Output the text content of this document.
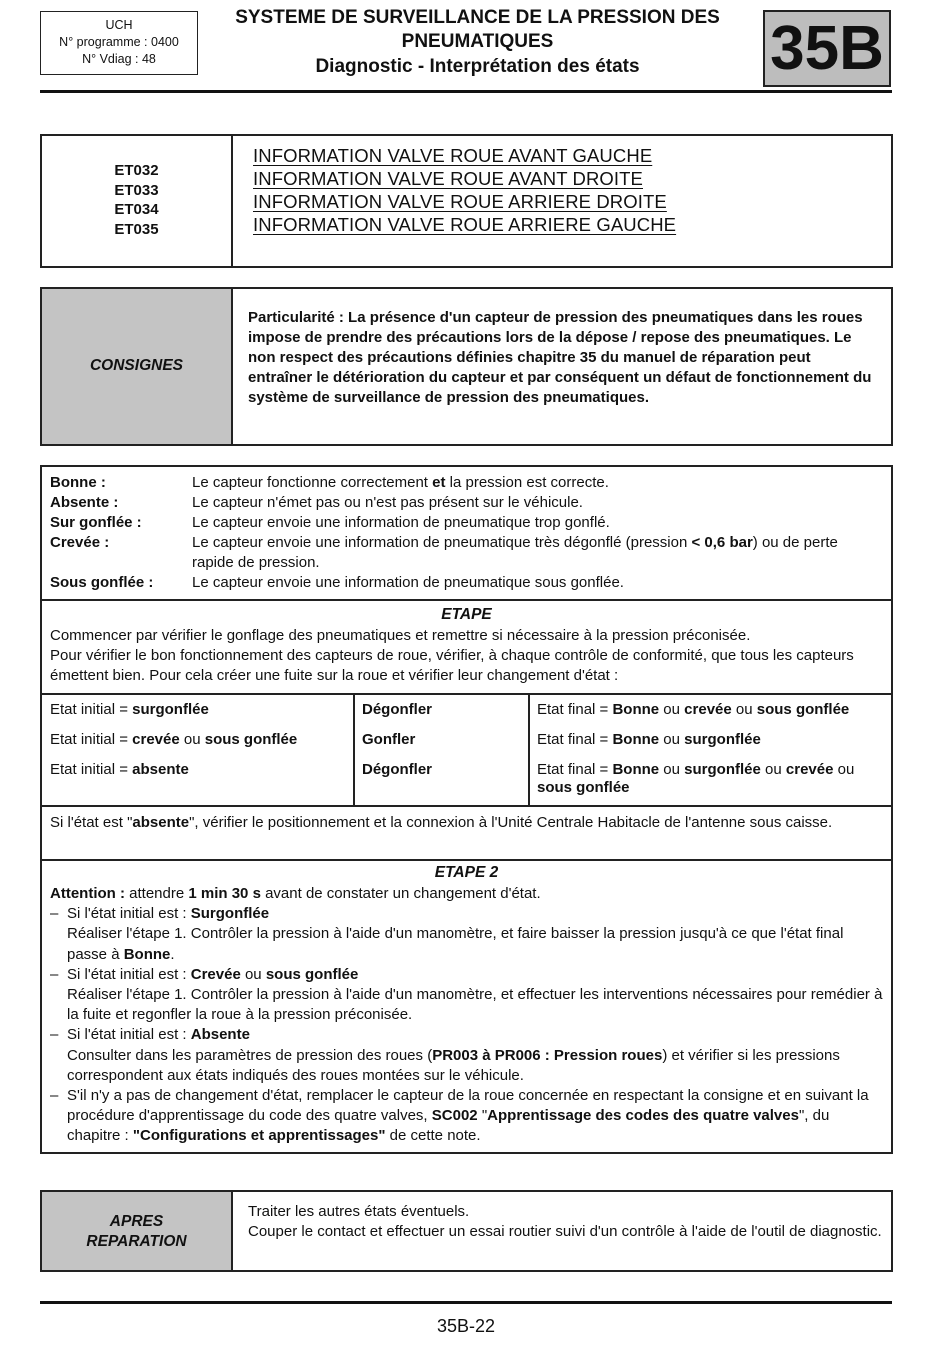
UCH
N° programme : 0400
N° Vdiag : 48
SYSTEME DE SURVEILLANCE DE LA PRESSION DES
PNEUMATIQUES
Diagnostic - Interprétation des états	35B
ET032
ET033
ET034
ET035
INFORMATION VALVE ROUE AVANT GAUCHE
INFORMATION VALVE ROUE AVANT DROITE
INFORMATION VALVE ROUE ARRIERE DROITE
INFORMATION VALVE ROUE ARRIERE GAUCHE
CONSIGNES
Particularité : La présence d'un capteur de pression des pneumatiques dans les roues impose de prendre des précautions lors de la dépose / repose des pneumatiques. Le non respect des précautions définies chapitre 35 du manuel de réparation peut entraîner le détérioration du capteur et par conséquent un défaut de fonctionnement du système de surveillance de pression des pneumatiques.
Bonne :	Le capteur fonctionne correctement et la pression est correcte.
Absente :	Le capteur n'émet pas ou n'est pas présent sur le véhicule.
Sur gonflée :	Le capteur envoie une information de pneumatique trop gonflé.
Crevée :	Le capteur envoie une information de pneumatique très dégonflé (pression < 0,6 bar) ou de perte rapide de pression.
Sous gonflée :	Le capteur envoie une information de pneumatique sous gonflée.
ETAPE
Commencer par vérifier le gonflage des pneumatiques et remettre si nécessaire à la pression préconisée.
Pour vérifier le bon fonctionnement des capteurs de roue, vérifier, à chaque contrôle de conformité, que tous les capteurs émettent bien. Pour cela créer une fuite sur la roue et vérifier leur changement d'état :
Etat initial = surgonflée	Dégonfler	Etat final = Bonne ou crevée ou sous gonflée
Etat initial = crevée ou sous gonflée	Gonfler	Etat final = Bonne ou surgonflée
Etat initial = absente	Dégonfler	Etat final = Bonne ou surgonflée ou crevée ou sous gonflée
Si l'état est "absente", vérifier le positionnement et la connexion à l'Unité Centrale Habitacle de l'antenne sous caisse.
ETAPE 2
Attention : attendre 1 min 30 s avant de constater un changement d'état.
– Si l'état initial est : Surgonflée
Réaliser l'étape 1. Contrôler la pression à l'aide d'un manomètre, et faire baisser la pression jusqu'à ce que l'état final passe à Bonne.
– Si l'état initial est : Crevée ou sous gonflée
Réaliser l'étape 1. Contrôler la pression à l'aide d'un manomètre, et effectuer les interventions nécessaires pour remédier à la fuite et regonfler la roue à la pression préconisée.
– Si l'état initial est : Absente
Consulter dans les paramètres de pression des roues (PR003 à PR006 : Pression roues) et vérifier si les pressions correspondent aux états indiqués des roues montées sur le véhicule.
– S'il n'y a pas de changement d'état, remplacer le capteur de la roue concernée en respectant la consigne et en suivant la procédure d'apprentissage du code des quatre valves, SC002 "Apprentissage des codes des quatre valves", du chapitre : "Configurations et apprentissages" de cette note.
APRES
REPARATION
Traiter les autres états éventuels.
Couper le contact et effectuer un essai routier suivi d'un contrôle à l'aide de l'outil de diagnostic.
35B-22
